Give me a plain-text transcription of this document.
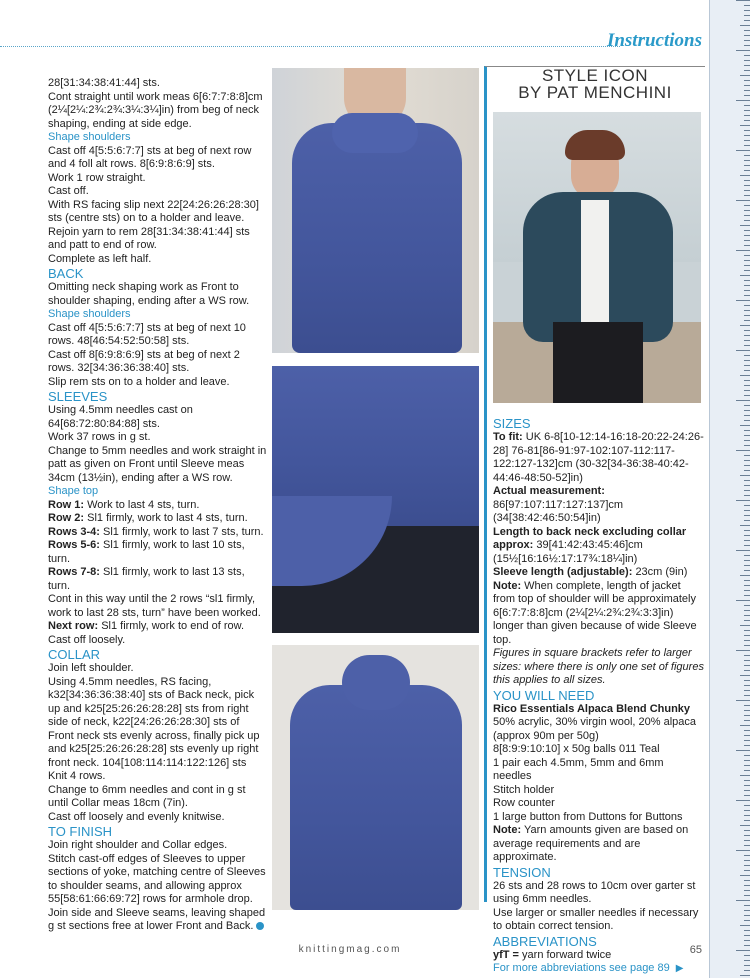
Instructions

28[31:34:38:41:44] sts.

Cont straight until work meas 6[6:7:7:8:8]cm (2¼[2¼:2¾:2¾:3¼:3¼]in) from beg of neck shaping, ending at side edge.

Shape shoulders

Cast off 4[5:5:6:7:7] sts at beg of next row and 4 foll alt rows. 8[6:9:8:6:9] sts.

Work 1 row straight.

Cast off.

With RS facing slip next 22[24:26:26:28:30] sts (centre sts) on to a holder and leave.

Rejoin yarn to rem 28[31:34:38:41:44] sts and patt to end of row.

Complete as left half.

BACK

Omitting neck shaping work as Front to shoulder shaping, ending after a WS row.

Shape shoulders

Cast off 4[5:5:6:7:7] sts at beg of next 10 rows. 48[46:54:52:50:58] sts.

Cast off 8[6:9:8:6:9] sts at beg of next 2 rows. 32[34:36:36:38:40] sts.

Slip rem sts on to a holder and leave.

SLEEVES

Using 4.5mm needles cast on 64[68:72:80:84:88] sts.

Work 37 rows in g st.

Change to 5mm needles and work straight in patt as given on Front until Sleeve meas 34cm (13½in), ending after a WS row.

Shape top

Row 1: Work to last 4 sts, turn.

Row 2: Sl1 firmly, work to last 4 sts, turn.

Rows 3-4: Sl1 firmly, work to last 7 sts, turn.

Rows 5-6: Sl1 firmly, work to last 10 sts, turn.

Rows 7-8: Sl1 firmly, work to last 13 sts, turn.

Cont in this way until the 2 rows “sl1 firmly, work to last 28 sts, turn” have been worked.

Next row: Sl1 firmly, work to end of row.

Cast off loosely.

COLLAR

Join left shoulder.

Using 4.5mm needles, RS facing, k32[34:36:36:38:40] sts of Back neck, pick up and k25[25:26:26:28:28] sts from right side of neck, k22[24:26:26:28:30] sts of Front neck sts evenly across, finally pick up and k25[25:26:26:28:28] sts evenly up right front neck. 104[108:114:114:122:126] sts

Knit 4 rows.

Change to 6mm needles and cont in g st until Collar meas 18cm (7in).

Cast off loosely and evenly knitwise.

TO FINISH

Join right shoulder and Collar edges.

Stitch cast-off edges of Sleeves to upper sections of yoke, matching centre of Sleeves to shoulder seams, and allowing approx 55[58:61:66:69:72] rows for armhole drop.

Join side and Sleeve seams, leaving shaped g st sections free at lower Front and Back.

STYLE ICON
BY PAT MENCHINI

SIZES

To fit: UK 6-8[10-12:14-16:18-20:22-24:26-28] 76-81[86-91:97-102:107-112:117-122:127-132]cm (30-32[34-36:38-40:42-44:46-48:50-52]in)

Actual measurement: 86[97:107:117:127:137]cm (34[38:42:46:50:54]in)

Length to back neck excluding collar approx: 39[41:42:43:45:46]cm (15½[16:16½:17:17¾:18¼]in)

Sleeve length (adjustable): 23cm (9in)

Note: When complete, length of jacket from top of shoulder will be approximately 6[6:7:7:8:8]cm (2¼[2¼:2¾:2¾:3:3]in) longer than given because of wide Sleeve top.

Figures in square brackets refer to larger sizes: where there is only one set of figures this applies to all sizes.

YOU WILL NEED

Rico Essentials Alpaca Blend Chunky

50% acrylic, 30% virgin wool, 20% alpaca (approx 90m per 50g)

8[8:9:9:10:10] x 50g balls 011 Teal

1 pair each 4.5mm, 5mm and 6mm needles

Stitch holder

Row counter

1 large button from Duttons for Buttons

Note: Yarn amounts given are based on average requirements and are approximate.

TENSION

26 sts and 28 rows to 10cm over garter st using 6mm needles.

Use larger or smaller needles if necessary to obtain correct tension.

ABBREVIATIONS

yfT = yarn forward twice

For more abbreviations see page 89 ▶

knittingmag.com	65
